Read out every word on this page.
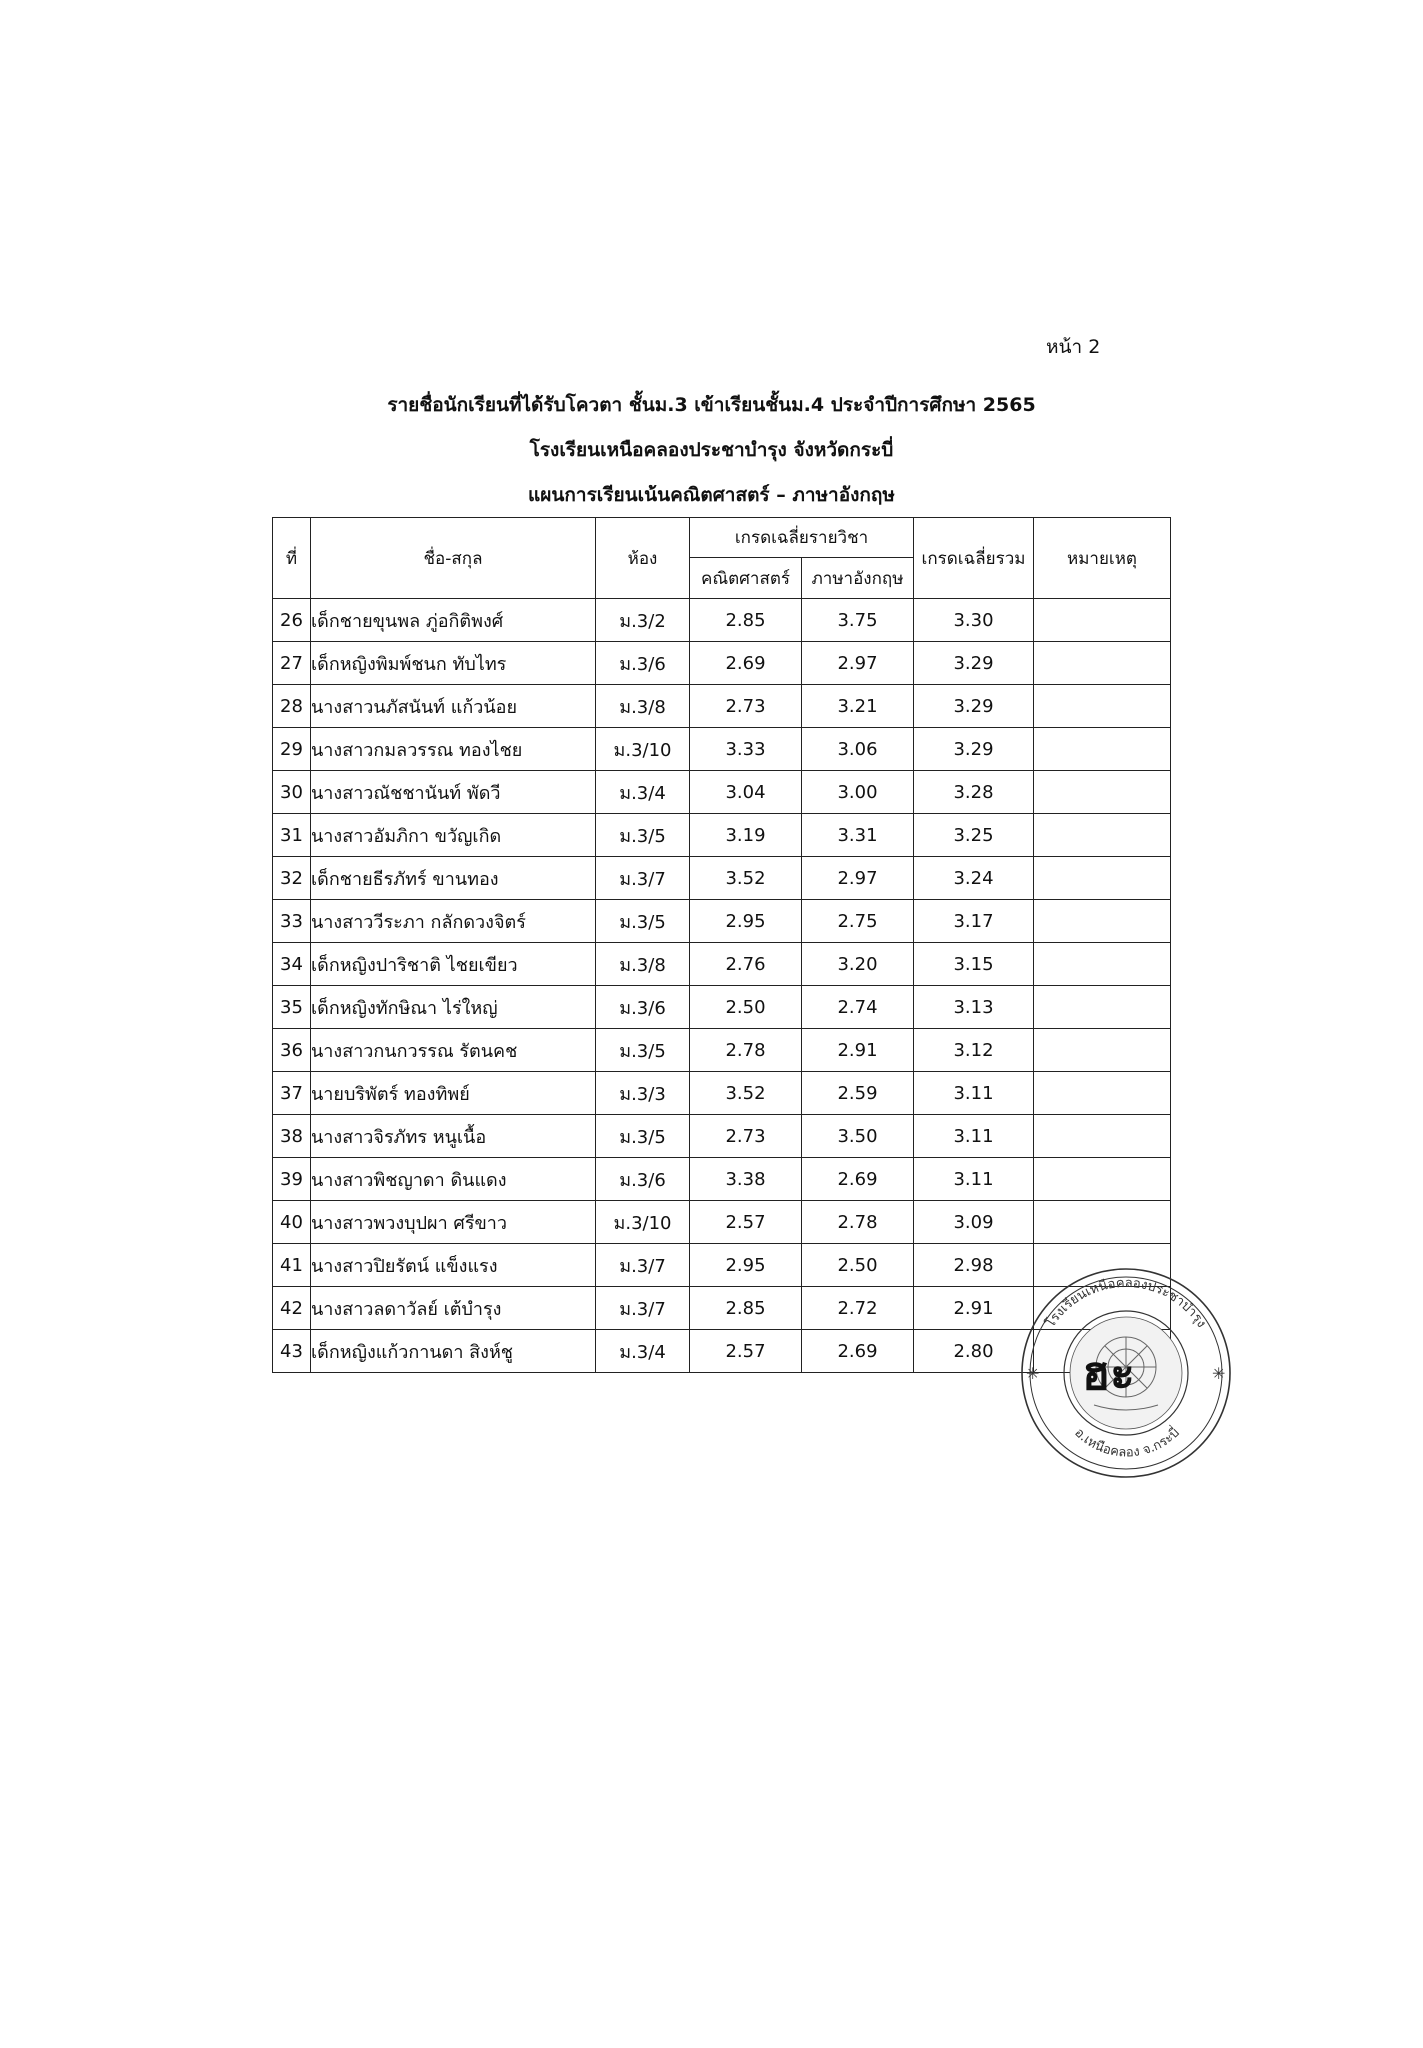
หน้า 2
รายชื่อนักเรียนที่ได้รับโควตา ชั้นม.3 เข้าเรียนชั้นม.4 ประจำปีการศึกษา 2565
โรงเรียนเหนือคลองประชาบำรุง จังหวัดกระบี่
แผนการเรียนเน้นคณิตศาสตร์ – ภาษาอังกฤษ
ที่	ชื่อ-สกุล	ห้อง	เกรดเฉลี่ยรายวิชา		เกรดเฉลี่ยรวม	หมายเหตุ
			คณิตศาสตร์	ภาษาอังกฤษ		
26	เด็กชายขุนพล ภู่อกิติพงศ์	ม.3/2	2.85	3.75	3.30	
27	เด็กหญิงพิมพ์ชนก ทับไทร	ม.3/6	2.69	2.97	3.29	
28	นางสาวนภัสนันท์ แก้วน้อย	ม.3/8	2.73	3.21	3.29	
29	นางสาวกมลวรรณ ทองไชย	ม.3/10	3.33	3.06	3.29	
30	นางสาวณัชชานันท์ พัดวี	ม.3/4	3.04	3.00	3.28	
31	นางสาวอัมภิกา ขวัญเกิด	ม.3/5	3.19	3.31	3.25	
32	เด็กชายธีรภัทร์ ขานทอง	ม.3/7	3.52	2.97	3.24	
33	นางสาววีระภา กลักดวงจิตร์	ม.3/5	2.95	2.75	3.17	
34	เด็กหญิงปาริชาติ ไชยเขียว	ม.3/8	2.76	3.20	3.15	
35	เด็กหญิงทักษิณา ไร่ใหญ่	ม.3/6	2.50	2.74	3.13	
36	นางสาวกนกวรรณ รัตนคช	ม.3/5	2.78	2.91	3.12	
37	นายบริพัตร์ ทองทิพย์	ม.3/3	3.52	2.59	3.11	
38	นางสาวจิรภัทร หนูเนื้อ	ม.3/5	2.73	3.50	3.11	
39	นางสาวพิชญาดา ดินแดง	ม.3/6	3.38	2.69	3.11	
40	นางสาวพวงบุปผา ศรีขาว	ม.3/10	2.57	2.78	3.09	
41	นางสาวปิยรัตน์ แข็งแรง	ม.3/7	2.95	2.50	2.98	
42	นางสาวลดาวัลย์ เต้บำรุง	ม.3/7	2.85	2.72	2.91	
43	เด็กหญิงแก้วกานดา สิงห์ชู	ม.3/4	2.57	2.69	2.80	
โรงเรียนเหนือคลองประชาบำรุง
อ.เหนือคลอง จ.กระบี่
✳	✳
ฮะ
